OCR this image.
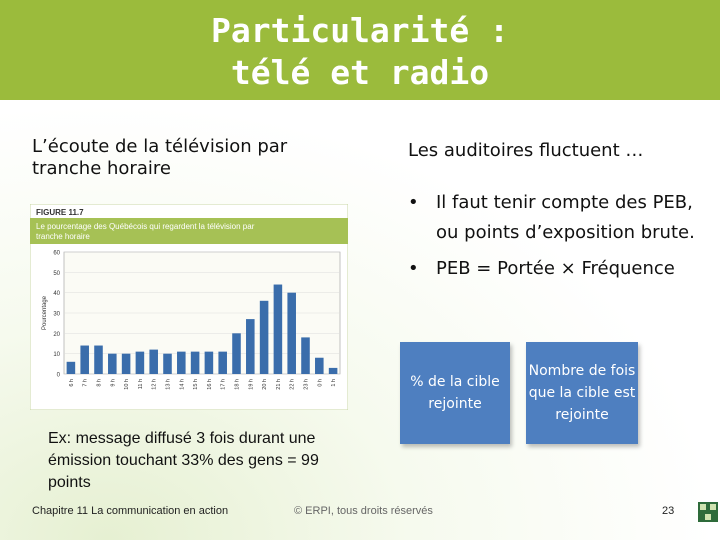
Particularité :
télé et radio
L’écoute de la télévision par tranche horaire
FIGURE 11.7
Le pourcentage des Québécois qui regardent la télévision par
tranche horaire
0
10
20
30
40
50
60
Pourcentage
6 h 7 h 8 h 9 h 10 h 11 h 12 h 13 h 14 h 15 h 16 h 17 h 18 h 19 h 20 h 21 h 22 h 23 h 0 h 1 h
Les auditoires fluctuent …
• Il faut tenir compte des PEB, ou points d’exposition brute.
• PEB = Portée × Fréquence
% de la cible rejointe
Nombre de fois que la cible est rejointe
Ex: message diffusé 3 fois durant une émission touchant 33% des gens = 99 points
Chapitre 11 La communication en action	© ERPI, tous droits réservés	23
